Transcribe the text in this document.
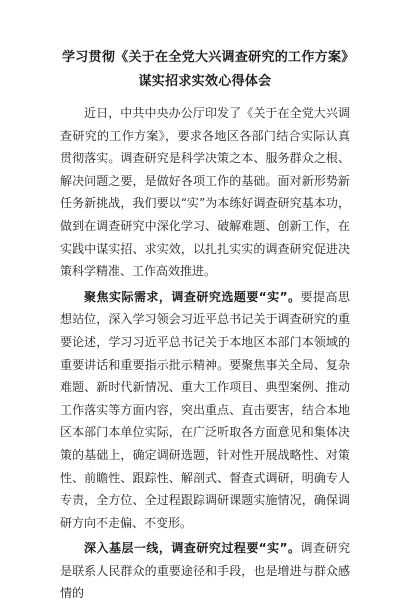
学习贯彻《关于在全党大兴调查研究的工作方案》谋实招求实效心得体会

近日，中共中央办公厅印发了《关于在全党大兴调查研究的工作方案》，要求各地区各部门结合实际认真贯彻落实。调查研究是科学决策之本、服务群众之根、解决问题之要，是做好各项工作的基础。面对新形势新任务新挑战，我们要以“实”为本练好调查研究基本功，做到在调查研究中深化学习、破解难题、创新工作，在实践中谋实招、求实效，以扎扎实实的调查研究促进决策科学精准、工作高效推进。

聚焦实际需求，调查研究选题要“实”。要提高思想站位，深入学习领会习近平总书记关于调查研究的重要论述，学习习近平总书记关于本地区本部门本领域的重要讲话和重要指示批示精神。要聚焦事关全局、复杂难题、新时代新情况、重大工作项目、典型案例、推动工作落实等方面内容，突出重点、直击要害，结合本地区本部门本单位实际，在广泛听取各方面意见和集体决策的基础上，确定调研选题，针对性开展战略性、对策性、前瞻性、跟踪性、解剖式、督查式调研，明确专人专责，全方位、全过程跟踪调研课题实施情况，确保调研方向不走偏、不变形。

深入基层一线，调查研究过程要“实”。调查研究是联系人民群众的重要途径和手段，也是增进与群众感情的
